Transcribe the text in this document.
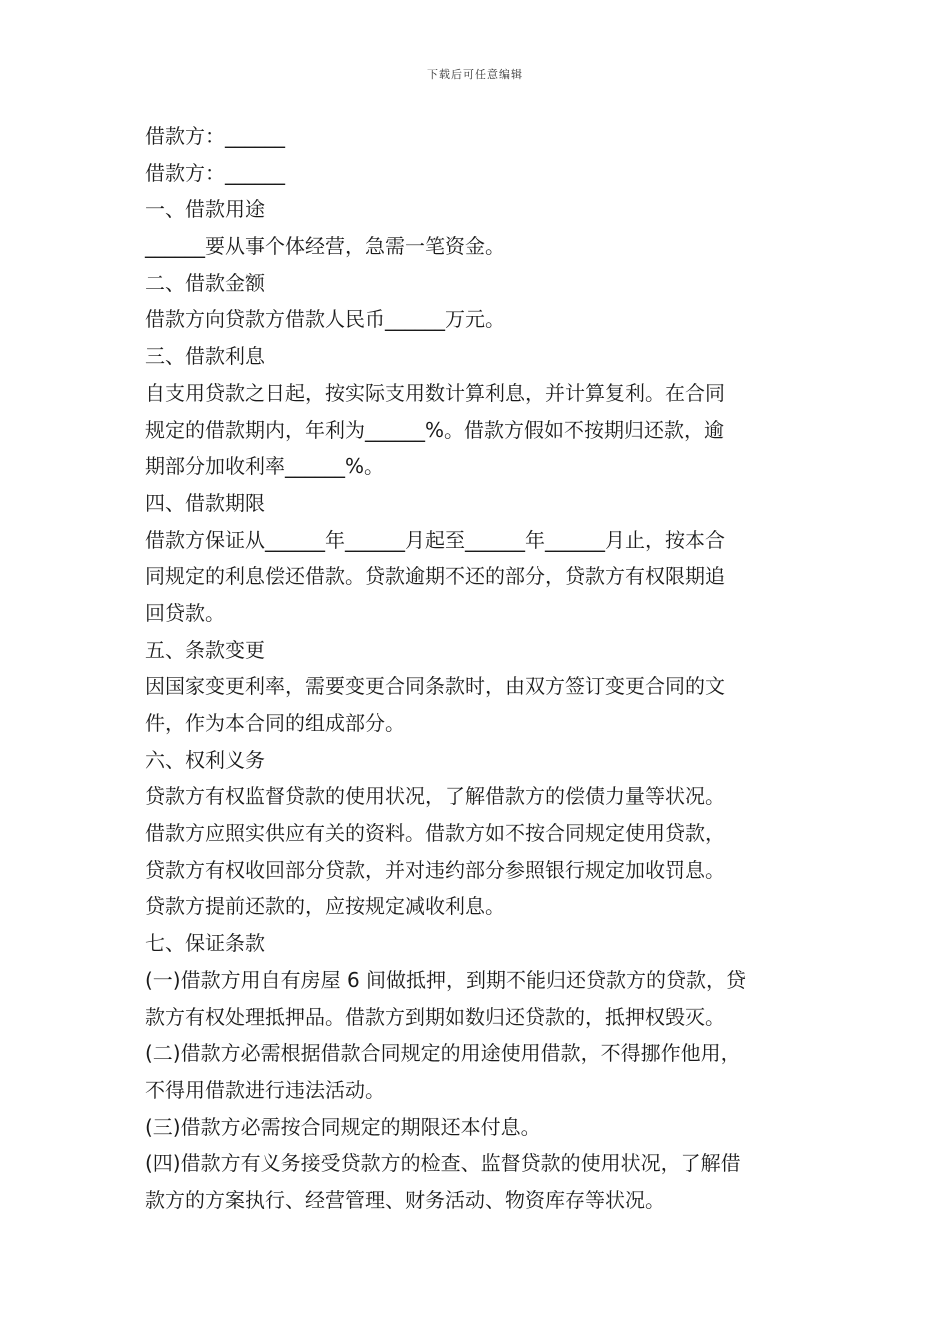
下载后可任意编辑

借款方：______

借款方：______

一、借款用途

______要从事个体经营，急需一笔资金。

二、借款金额

借款方向贷款方借款人民币______万元。

三、借款利息

自支用贷款之日起，按实际支用数计算利息，并计算复利。在合同

规定的借款期内，年利为______%。借款方假如不按期归还款，逾

期部分加收利率______%。

四、借款期限

借款方保证从______年______月起至______年______月止，按本合

同规定的利息偿还借款。贷款逾期不还的部分，贷款方有权限期追

回贷款。

五、条款变更

因国家变更利率，需要变更合同条款时，由双方签订变更合同的文

件，作为本合同的组成部分。

六、权利义务

贷款方有权监督贷款的使用状况，了解借款方的偿债力量等状况。

借款方应照实供应有关的资料。借款方如不按合同规定使用贷款，

贷款方有权收回部分贷款，并对违约部分参照银行规定加收罚息。

贷款方提前还款的，应按规定减收利息。

七、保证条款

(一)借款方用自有房屋 6 间做抵押，到期不能归还贷款方的贷款，贷

款方有权处理抵押品。借款方到期如数归还贷款的，抵押权毁灭。

(二)借款方必需根据借款合同规定的用途使用借款，不得挪作他用，

不得用借款进行违法活动。

(三)借款方必需按合同规定的期限还本付息。

(四)借款方有义务接受贷款方的检查、监督贷款的使用状况，了解借

款方的方案执行、经营管理、财务活动、物资库存等状况。
